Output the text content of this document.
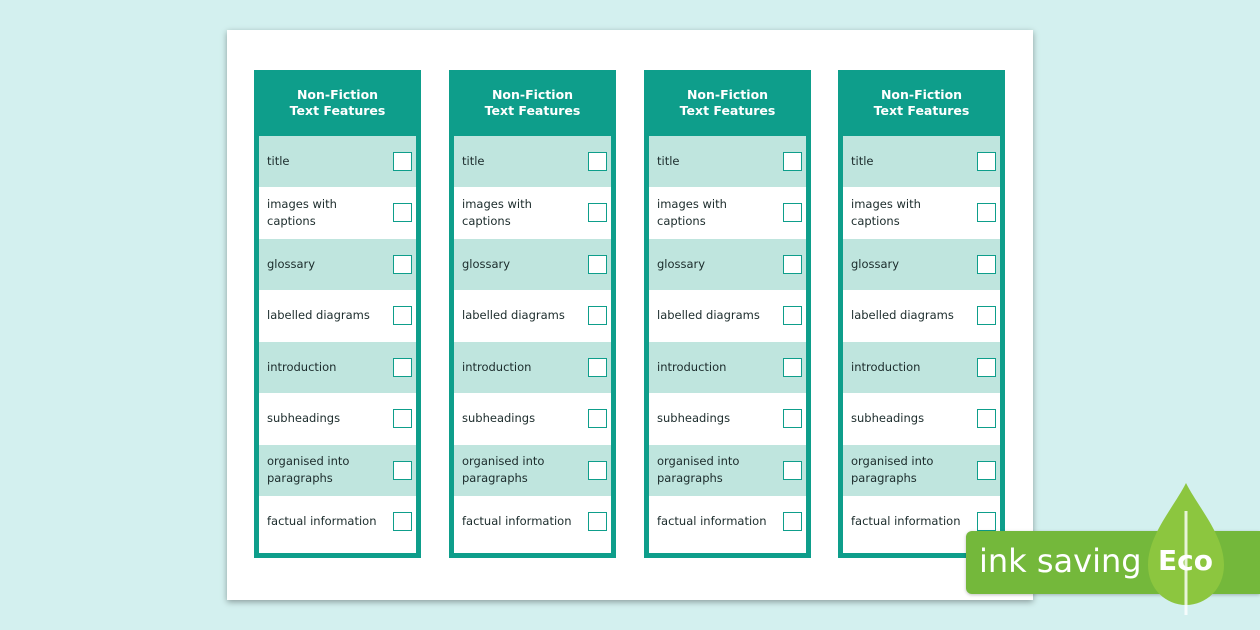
Non-Fiction Text Features
title
images with captions
glossary
labelled diagrams
introduction
subheadings
organised into paragraphs
factual information
Non-Fiction Text Features
title
images with captions
glossary
labelled diagrams
introduction
subheadings
organised into paragraphs
factual information
Non-Fiction Text Features
title
images with captions
glossary
labelled diagrams
introduction
subheadings
organised into paragraphs
factual information
Non-Fiction Text Features
title
images with captions
glossary
labelled diagrams
introduction
subheadings
organised into paragraphs
factual information
ink saving Eco
